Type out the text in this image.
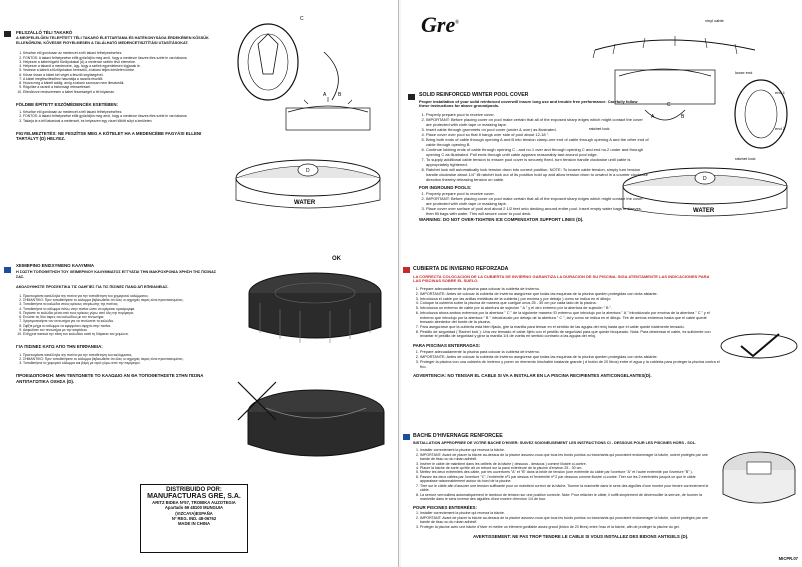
FELSZÁLLÓ TÉLI TAKARÓ

A MEGFELELŐEN TELEPÍTETT TÉLI TAKARÓ ÉLETTARTAMA ÉS HATÉKONYSÁGA ÉRDEKÉBEN KÖSSÜK ELLENŐRIZNI, KÖVESSE FIGYELMESEN A TALÁLHATÓ MEDENCETISZTÍTÁSI UTASÍTÁSOKAT.

1. Készítse elő gondosan az medencét a téli takaró felhelyezéséhez.
2. FONTOS: A takaró felhelyezése előtt győződjön meg arról, hogy a medence összes éles széle le van takarva.
3. Helyezze a kábelrögzítő fűzőlyukakat (A) a medence szélén lévő elemekre.
4. Helyezze a takarót a medencére, úgy, hogy a szélek egyenletesen lógjanak le.
5. Vezesse a kábelt a fűzőlyukakon keresztül, a takaró teljes kerületén körbe.
6. Kösse össze a kábel két végét a feszítő segítségével.
7. A kábel megfeszítéséhez használja a racsnis feszítőt.
8. Húzza meg a kábelt addig, amíg a takaró szorosan nem illeszkedik.
9. Rögzítse a racsnit a biztonsági reteszeléssel.
10. Ellenőrizze rendszeresen a kábel feszességét a tél folyamán.

FÖLDBE ÉPÍTETT ESZÖMÉDENCÉK ESETÉBEN:

1. Készítse elő gondosan az medencét a téli takaró felhelyezéséhez.
2. FONTOS: A takaró felhelyezése előtt győződjön meg arról, hogy a medence összes éles széle le van takarva.
3. Takarja le a téli takaróval a medencét, és helyezzen egy vízzel töltött súlyt a kerületen.

FIGYELMEZTETÉS: NE FESZÍTSE MEG A KÖTELET HA A MEDENCÉBE FAGYÁSI ELLENI TARTÁLYT (D) HELYEZ.

C
A B
D
WATER

ΧΕΙΜΕΡΙΝΟ ΕΝΙΣΧΥΜΕΝΟ ΚΑΛΥΜΜΑ

Η ΣΩΣΤΗ ΤΟΠΟΘΕΤΗΣΗ ΤΟΥ ΧΕΙΜΕΡΙΝΟΥ ΚΑΛΥΜΜΑΤΟΣ ΕΓΓΥΑΤΑΙ ΤΗΝ ΜΑΚΡΟΧΡΟΝΙΑ ΧΡΗΣΗ ΤΗΣ ΠΙΣΙΝΑΣ ΣΑΣ.

ΑΚΟΛΟΥΘΗΣΤΕ ΠΡΟΣΕΚΤΙΚΑ ΤΙΣ ΟΔΗΓΙΕΣ ΓΙΑ ΤΙΣ ΠΙΣΙΝΕΣ ΠΑΝΩ ΑΠ ΕΠΙΦΑΝΕΙΑΣ.

1. Προετοιμάστε κατάλληλα την πισίνα για την τοποθέτηση του χειμερινού καλύμματος.
2. ΣΗΜΑΝΤΙΚΟ: Πριν τοποθετήσετε το κάλυμμα βεβαιωθείτε ότι όλες οι αιχμηρές άκρες είναι προστατευμένες.
3. Τοποθετήστε τα καλώδια στους κρίκους στερέωσης της πισίνας.
4. Τοποθετήστε το κάλυμμα πάνω στην πισίνα ώστε να κρέμεται ομοιόμορφα.
5. Περάστε το καλώδιο μέσα από τους κρίκους γύρω από όλη την περίμετρο.
6. Ενώστε τις δύο άκρες του καλωδίου με τον τεντωτήρα.
7. Χρησιμοποιήστε τον τεντωτήρα για να τεντώσετε το καλώδιο.
8. Σφίξτε μέχρι το κάλυμμα να εφαρμόσει σφιχτά στην πισίνα.
9. Ασφαλίστε τον τεντωτήρα με την ασφάλεια.
10. Ελέγχετε τακτικά την τάση του καλωδίου κατά τη διάρκεια του χειμώνα.

ΓΙΑ ΠΙΣΙΝΕΣ ΚΑΤΩ ΑΠΟ ΤΗΝ ΕΠΙΦΑΝΕΙΑ:

1. Προετοιμάστε κατάλληλα την πισίνα για την τοποθέτηση του καλύμματος.
2. ΣΗΜΑΝΤΙΚΟ: Πριν τοποθετήσετε το κάλυμμα βεβαιωθείτε ότι όλες οι αιχμηρές άκρες είναι προστατευμένες.
3. Τοποθετήστε το χειμερινό κάλυμμα και βάρη με νερό γύρω από την περίμετρο.

ΠΡΟΕΙΔΟΠΟΙΗΣΗ: ΜΗΝ ΤΕΝΤΩΝΕΤΕ ΤΟ ΚΑΛΩΔΙΟ ΑΝ ΘΑ ΤΟΠΟΘΕΤΗΣΕΤΕ ΣΤΗΝ ΠΙΣΙΝΑ ΑΝΤΙΠΑΓΩΤΙΚΑ ΟΧΗΣΑ (D).

OK
DISTRIBUIDO POR:
MANUFACTURAS GRE, S.A.
ARITZ BIDEA Nº57, TROBIKA AUZOTEGIA
Apartado 69 48100 MUNGUIA
(VIZCAYA)ESPAÑA
Nº REG. IND. 48-06762
MADE IN CHINA
Gre®
vinyl cable
loose end
ratchet lock
A	B
C
ratchet lock
end 1
end 2
D
WATER

SOLID REINFORCED WINTER POOL COVER

Proper installation of your solid reinforced coverwill insure long use and trouble free performance. Carefully follow these instructions for above groundpools.

1. Properly prepare pool to receive cover.
2. IMPORTANT: Before placing cover on pool make certain that all of the exposed sharp edges which might contact the cover are protected with cloth tape or masking tape.
3. Insert cable through grommets on pool cover (under & over) as illustrated.
4. Place cover over pool so that it hangs over side of pool about 12-18 ".
5. Bring both ends of cable through opening A and B into tension clamp-one end of cable through opening A and the other end of cable through opening B.
6. Continue lobbing ends of cable through opening C - and no.1 over and through opening C and end no.2 under and through opening C as illustrated. Pull ends through until cable appears reasonably taut around pool edge.
7. To supply additional cable tension to ensure pool cover is securely fixed, turn tension handle clockwise until cable is appropriately tightened.
8. Ratchet lock will automatically lock tension drum into correct position. NOTE: To loosen cable tension, simply turn tension handle clockwise about 1/4" till ratchet lock out of its position hold up and allow tension drum to unwind in a counter clockwise direction thereby releasing tension on cable.

FOR INGROUND POOLS:

1. Properly prepare pool to receive cover.
2. IMPORTANT: Before placing cover on pool make certain that all of the exposed sharp edges which might contact the cover are protected with cloth tape or masking tape.
3. Place cover over surface of pool and about 2 1/2 feet onto decking around entire pool. Insert empty water bags in sleeves, then fill bags with water. This will secure cover to pool deck.

WARNING: DO NOT OVER-TIGHTEN ICE COMPENSATOR SUPPORT LINES (D).

CUBIERTA DE INVIERNO REFORZADA

LA CORRECTA COLOCACION DE LA CUBIERTA DE INVIERNO GARANTIZA LA DURACION DE SU PISCINA. SIGA ATENTAMENTE LAS INDICACIONES PARA LAS PISCINAS SOBRE EL SUELO.

1. Prepare adecuadamente la piscina para colocar la cubierta de invierno.
2. IMPORTANTE: Antes de colocar la cubierta de invierno asegúrese que todas las esquinas de la piscina queden protegidas con cinta aislante.
3. Introduzca el cable por las anillas metálicas de la cubierta ( por encima y por debajo ) como se indica en el dibujo.
4. Coloque la cubierta sobre la piscina de manera que cuelgue unos 25 - 30 cm por cada lado de la piscina.
5. Introduzca un extremo de cable por la abertura de sujeción " A " y el otro extremo por la abertura de sujeción " B ".
6. Introduzca ahora ambos extremos por la abertura " C " de la siguiente manera: El extremo que introdujo por la abertura " A " introdúzcalo por encima de la abertura " C " y el extremo que introdujo por la abertura " B " introdúzcalo por debajo de la abertura " C ", tal y como se indica en el dibujo. Tire de ambos extremos hasta que el cable quede tensado alrededor del borde de la piscina.
7. Para asegurarse que la cubierta está bien fijada, gire la manilla para tensar en el sentido de las agujas del reloj hasta que el cable quede totalmente tensado.
8. Pestillo de seguridad ( Rachet lock ): Una vez tensado el cable fíjelo con el pestillo de seguridad para que quede bloqueado. Nota: Para destensar el cable, es suficiente con levantar el pestillo de seguridad y girar la manilla 1/4 de vuelta en sentido contrario a las agujas del reloj.

PARA PISCINAS ENTERRADAS:

1. Prepare adecuadamente la piscina para colocar la cubierta de invierno.
2. IMPORTANTE: Antes de colocar la cubierta de invierno asegúrese que todas las esquinas de la piscina queden protegidas con cinta aislante.
3. Proteger la piscina con una cubierta de invierno y poner un elemento hinchable bastante grande ( d botón de 20 litros) entre el agua y la cubierta para proteger la piscina contra el frío.

ADVERTENCIA: NO TENSAR EL CABLE SI VA A INSTALAR EN LA PISCINA RECIPIENTES ANTICONGELANTES(D).

BACHE D'HIVERNAGE RENFORCEE

INSTALLATION APPROPRIEE DE VOTRE BACHE D'HIVER: SUIVEZ SOIGNEUSEMENT LES INSTRUCTIONS CI - DESSOUS POUR LES PISCINES HORS - SOL.

1. Installer correctement la piscine qui recevra la bâche.
2. IMPORTANT: Avant de placer la bâche au-dessus de la piscine assurez-vous que tous les bords pointus ou tranchants qui pourraient endommager la bâche, soient protégés par une bande de tissu ou du ruban adhésif.
3. Insérer le câble de maintient dans les oeillets de la bâche ( dessous - dessous ) comme illustré ci-contre.
4. Placer la bâche de sorte qu'elle ait un rebord sur la paroi extérieure de la piscine d'environ 25 - 30 cm.
5. Mettez les deux extrémités des câble, par les ouvertures "A" et "B" dans la bride de tension (une extrémité du câble par l'overture "A" et l'autre extrémité par l'overture "B" ).
6. Passez les deux câbles par l'overture "C", l'extrémité nº1 par dessus et l'extrémité nº 2 par dessous comme illustré ci-contre. Tirer sur les 2 extrémités jusqu'à ce que le câble apparaisse raisonnablement autour du bord de la piscine.
7. Tirer sur le câble afin d'assurer une tension suffisante pour un maintient correct de la bâche. Tourner la manivelle dans le sens des aiguilles d'une montre pour tendre correctement le câble.
8. La serrure verrouillera automatiquement le tambour de tension sur une position correcte. Note: Pour relâcher le câble, il suffit simplement de déverrouiller la serrure, de tourner la manivelle dans le sens inverse des aiguilles d'une montre d'environ 1/4 de tour.

POUR PISCINES ENTERRÉES:

1. Installer correctement la piscine qui recevra la bâche.
2. IMPORTANT: Avant de placer la bâche au-dessus de la piscine assurez-vous que tous les bords pointus ou tranchants qui pourraient endommager la bâche, soient protégés par une bande de tissu ou du ruban adhésif.
3. Protéger la piscine avec une bâche d'hiver et mettre un élément gonflable assez grand (bidon de 20 litres) entre l'eau et la bâche, afin de protéger la piscine du gel.

AVERTISSEMENT: NE PAS TROP TENDRE LE CABLE SI VOUS INSTALLEZ DES BIDONS ANTIGELS (D).

MICPR.07
